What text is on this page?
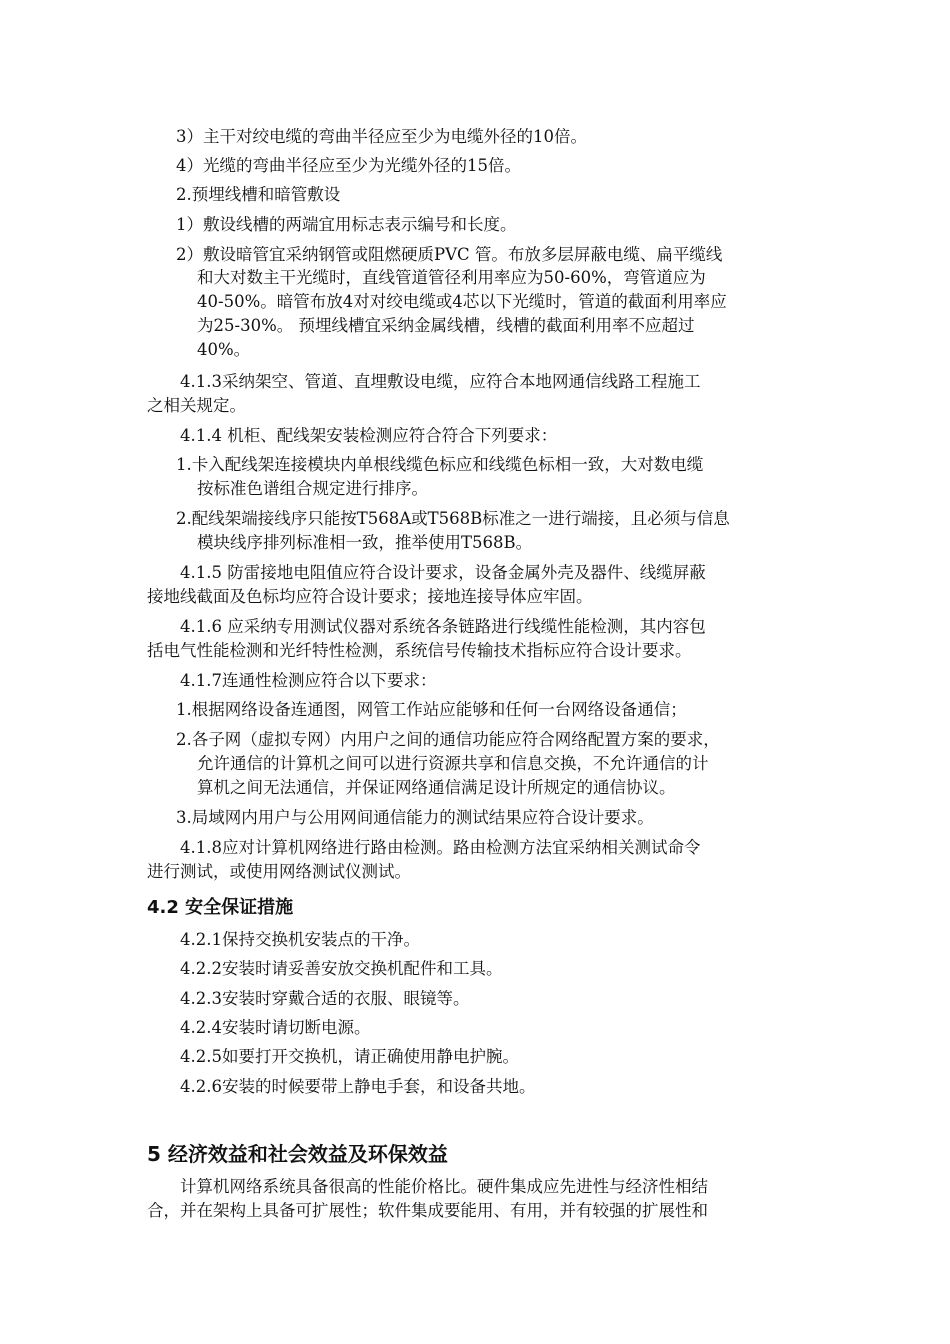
3）主干对绞电缆的弯曲半径应至少为电缆外径的10倍。
4）光缆的弯曲半径应至少为光缆外径的15倍。
2.预埋线槽和暗管敷设
1）敷设线槽的两端宜用标志表示编号和长度。
2）敷设暗管宜采纳钢管或阻燃硬质PVC 管。布放多层屏蔽电缆、扁平缆线
和大对数主干光缆时，直线管道管径利用率应为50-60%，弯管道应为
40-50%。暗管布放4对对绞电缆或4芯以下光缆时，管道的截面利用率应
为25-30%。 预埋线槽宜采纳金属线槽，线槽的截面利用率不应超过
40%。
4.1.3采纳架空、管道、直埋敷设电缆，应符合本地网通信线路工程施工
之相关规定。
4.1.4 机柜、配线架安装检测应符合符合下列要求：
1.卡入配线架连接模块内单根线缆色标应和线缆色标相一致，大对数电缆
按标准色谱组合规定进行排序。
2.配线架端接线序只能按T568A或T568B标准之一进行端接，且必须与信息
模块线序排列标准相一致，推举使用T568B。
4.1.5 防雷接地电阻值应符合设计要求，设备金属外壳及器件、线缆屏蔽
接地线截面及色标均应符合设计要求；接地连接导体应牢固。
4.1.6 应采纳专用测试仪器对系统各条链路进行线缆性能检测，其内容包
括电气性能检测和光纤特性检测，系统信号传输技术指标应符合设计要求。
4.1.7连通性检测应符合以下要求：
1.根据网络设备连通图，网管工作站应能够和任何一台网络设备通信；
2.各子网（虚拟专网）内用户之间的通信功能应符合网络配置方案的要求，
允许通信的计算机之间可以进行资源共享和信息交换，不允许通信的计
算机之间无法通信，并保证网络通信满足设计所规定的通信协议。
3.局域网内用户与公用网间通信能力的测试结果应符合设计要求。
4.1.8应对计算机网络进行路由检测。路由检测方法宜采纳相关测试命令
进行测试，或使用网络测试仪测试。
4.2 安全保证措施
4.2.1保持交换机安装点的干净。
4.2.2安装时请妥善安放交换机配件和工具。
4.2.3安装时穿戴合适的衣服、眼镜等。
4.2.4安装时请切断电源。
4.2.5如要打开交换机，请正确使用静电护腕。
4.2.6安装的时候要带上静电手套，和设备共地。
5 经济效益和社会效益及环保效益
计算机网络系统具备很高的性能价格比。硬件集成应先进性与经济性相结
合，并在架构上具备可扩展性；软件集成要能用、有用，并有较强的扩展性和
